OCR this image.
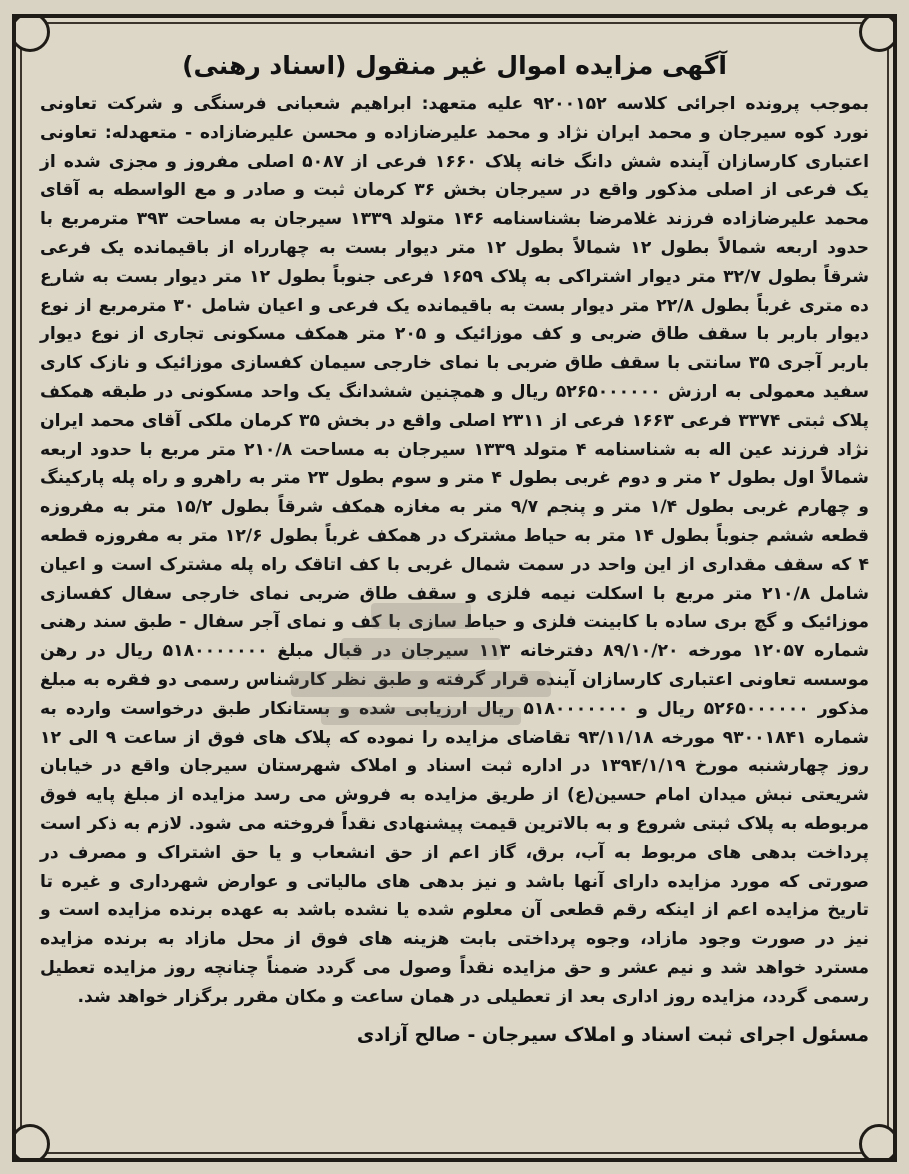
آگهی مزایده اموال غیر منقول (اسناد رهنی)

بموجب پرونده اجرائی کلاسه ۹۲۰۰۱۵۲ علیه متعهد: ابراهیم شعبانی فرسنگی و شرکت تعاونی نورد کوه سیرجان و محمد ایران نژاد و محمد علیرضازاده و محسن علیرضازاده - متعهدله: تعاونی اعتباری کارسازان آینده شش دانگ خانه پلاک ۱۶۶۰ فرعی از ۵۰۸۷ اصلی مفروز و مجزی شده از یک فرعی از اصلی مذکور واقع در سیرجان بخش ۳۶ کرمان ثبت و صادر و مع الواسطه به آقای محمد علیرضازاده فرزند غلامرضا بشناسنامه ۱۴۶ متولد ۱۳۳۹ سیرجان به مساحت ۳۹۳ مترمربع با حدود اربعه شمالاً بطول ۱۲ شمالاً بطول ۱۲ متر دیوار بست به چهارراه از باقیمانده یک فرعی شرقاً بطول ۳۲/۷ متر دیوار اشتراکی به پلاک ۱۶۵۹ فرعی جنوباً بطول ۱۲ متر دیوار بست به شارع ده متری غرباً بطول ۲۲/۸ متر دیوار بست به باقیمانده یک فرعی و اعیان شامل ۳۰ مترمربع از نوع دیوار باربر با سقف طاق ضربی و کف موزائیک و ۲۰۵ متر همکف مسکونی تجاری از نوع دیوار باربر آجری ۳۵ سانتی با سقف طاق ضربی با نمای خارجی سیمان کفسازی موزائیک و نازک کاری سفید معمولی به ارزش ۵۲۶۵۰۰۰۰۰۰ ریال و همچنین ششدانگ یک واحد مسکونی در طبقه همکف پلاک ثبتی ۳۳۷۴ فرعی ۱۶۶۳ فرعی از ۲۳۱۱ اصلی واقع در بخش ۳۵ کرمان ملکی آقای محمد ایران نژاد فرزند عین اله به شناسنامه ۴ متولد ۱۳۳۹ سیرجان به مساحت ۲۱۰/۸ متر مربع با حدود اربعه شمالاً اول بطول ۲ متر و دوم غربی بطول ۴ متر و سوم بطول ۲۳ متر به راهرو و راه پله پارکینگ و چهارم غربی بطول ۱/۴ متر و پنجم ۹/۷ متر به مغازه همکف شرقاً بطول ۱۵/۲ متر به مفروزه قطعه ششم جنوباً بطول ۱۴ متر به حیاط مشترک در همکف غرباً بطول ۱۲/۶ متر به مفروزه قطعه ۴ که سقف مقداری از این واحد در سمت شمال غربی با کف اتاقک راه پله مشترک است و اعیان شامل ۲۱۰/۸ متر مربع با اسکلت نیمه فلزی و سقف طاق ضربی نمای خارجی سفال کفسازی موزائیک و گچ بری ساده با کابینت فلزی و حیاط سازی با کف و نمای آجر سفال - طبق سند رهنی شماره ۱۲۰۵۷ مورخه ۸۹/۱۰/۲۰ دفترخانه ۱۱۳ سیرجان در قبال مبلغ ۵۱۸۰۰۰۰۰۰۰ ریال در رهن موسسه تعاونی اعتباری کارسازان آینده قرار گرفته و طبق نظر کارشناس رسمی دو فقره به مبلغ مذکور ۵۲۶۵۰۰۰۰۰۰ ریال و ۵۱۸۰۰۰۰۰۰۰ ریال ارزیابی شده و بستانکار طبق درخواست وارده به شماره ۹۳۰۰۱۸۴۱ مورخه ۹۳/۱۱/۱۸ تقاضای مزایده را نموده که پلاک های فوق از ساعت ۹ الی ۱۲ روز چهارشنبه مورخ ۱۳۹۴/۱/۱۹ در اداره ثبت اسناد و املاک شهرستان سیرجان واقع در خیابان شریعتی نبش میدان امام حسین(ع) از طریق مزایده به فروش می رسد مزایده از مبلغ پایه فوق مربوطه به پلاک ثبتی شروع و به بالاترین قیمت پیشنهادی نقداً فروخته می شود. لازم به ذکر است پرداخت بدهی های مربوط به آب، برق، گاز اعم از حق انشعاب و یا حق اشتراک و مصرف در صورتی که مورد مزایده دارای آنها باشد و نیز بدهی های مالیاتی و عوارض شهرداری و غیره تا تاریخ مزایده اعم از اینکه رقم قطعی آن معلوم شده یا نشده باشد به عهده برنده مزایده است و نیز در صورت وجود مازاد، وجوه پرداختی بابت هزینه های فوق از محل مازاد به برنده مزایده مسترد خواهد شد و نیم عشر و حق مزایده نقداً وصول می گردد ضمناً چنانچه روز مزایده تعطیل رسمی گردد، مزایده روز اداری بعد از تعطیلی در همان ساعت و مکان مقرر برگزار خواهد شد.

مسئول اجرای ثبت اسناد و املاک سیرجان - صالح آزادی
